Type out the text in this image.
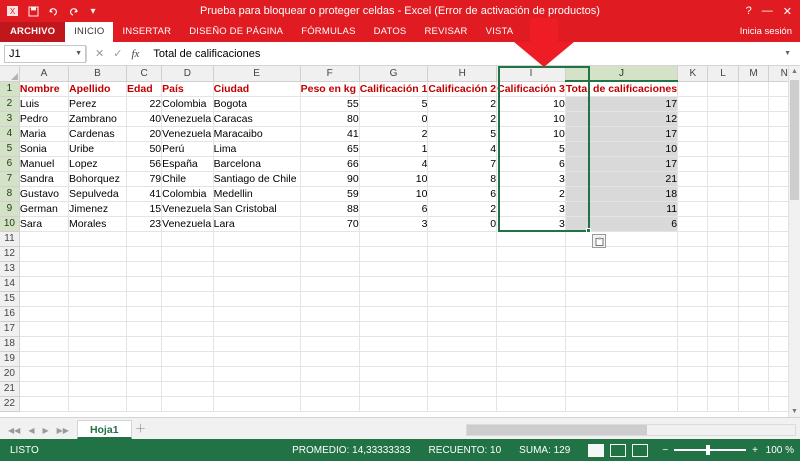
X	▾	Prueba para bloquear o proteger celdas - Excel (Error de activación de productos)	? — ✕
ARCHIVO	INICIO	INSERTAR	DISEÑO DE PÁGINA	FÓRMULAS	DATOS	REVISAR	VISTA	Inicia sesión
J1	▼ ✕ ✓ fx	Total de calificaciones	▼
	A	B	C	D	E	F	G	H	I	J	K	L	M	N
1	Nombre	Apellido	Edad	País	Ciudad	Peso en kg	Calificación 1	Calificación 2	Calificación 3	Total de calificaciones				
2	Luis	Perez	22	Colombia	Bogota	55	5	2	10	17				
3	Pedro	Zambrano	40	Venezuela	Caracas	80	0	2	10	12				
4	Maria	Cardenas	20	Venezuela	Maracaibo	41	2	5	10	17				
5	Sonia	Uribe	50	Perú	Lima	65	1	4	5	10				
6	Manuel	Lopez	56	España	Barcelona	66	4	7	6	17				
7	Sandra	Bohorquez	79	Chile	Santiago de Chile	90	10	8	3	21				
8	Gustavo	Sepulveda	41	Colombia	Medellin	59	10	6	2	18				
9	German	Jimenez	15	Venezuela	San Cristobal	88	6	2	3	11				
10	Sara	Morales	23	Venezuela	Lara	70	3	0	3	6				
11														
12														
13														
14														
15														
16														
17														
18														
19														
20														
21														
22														
▲
▼
◀◀ ◀ ▶ ▶▶	Hoja1	＋
LISTO	PROMEDIO: 14,33333333 RECUENTO: 10 SUMA: 129	−	+ 100 %
